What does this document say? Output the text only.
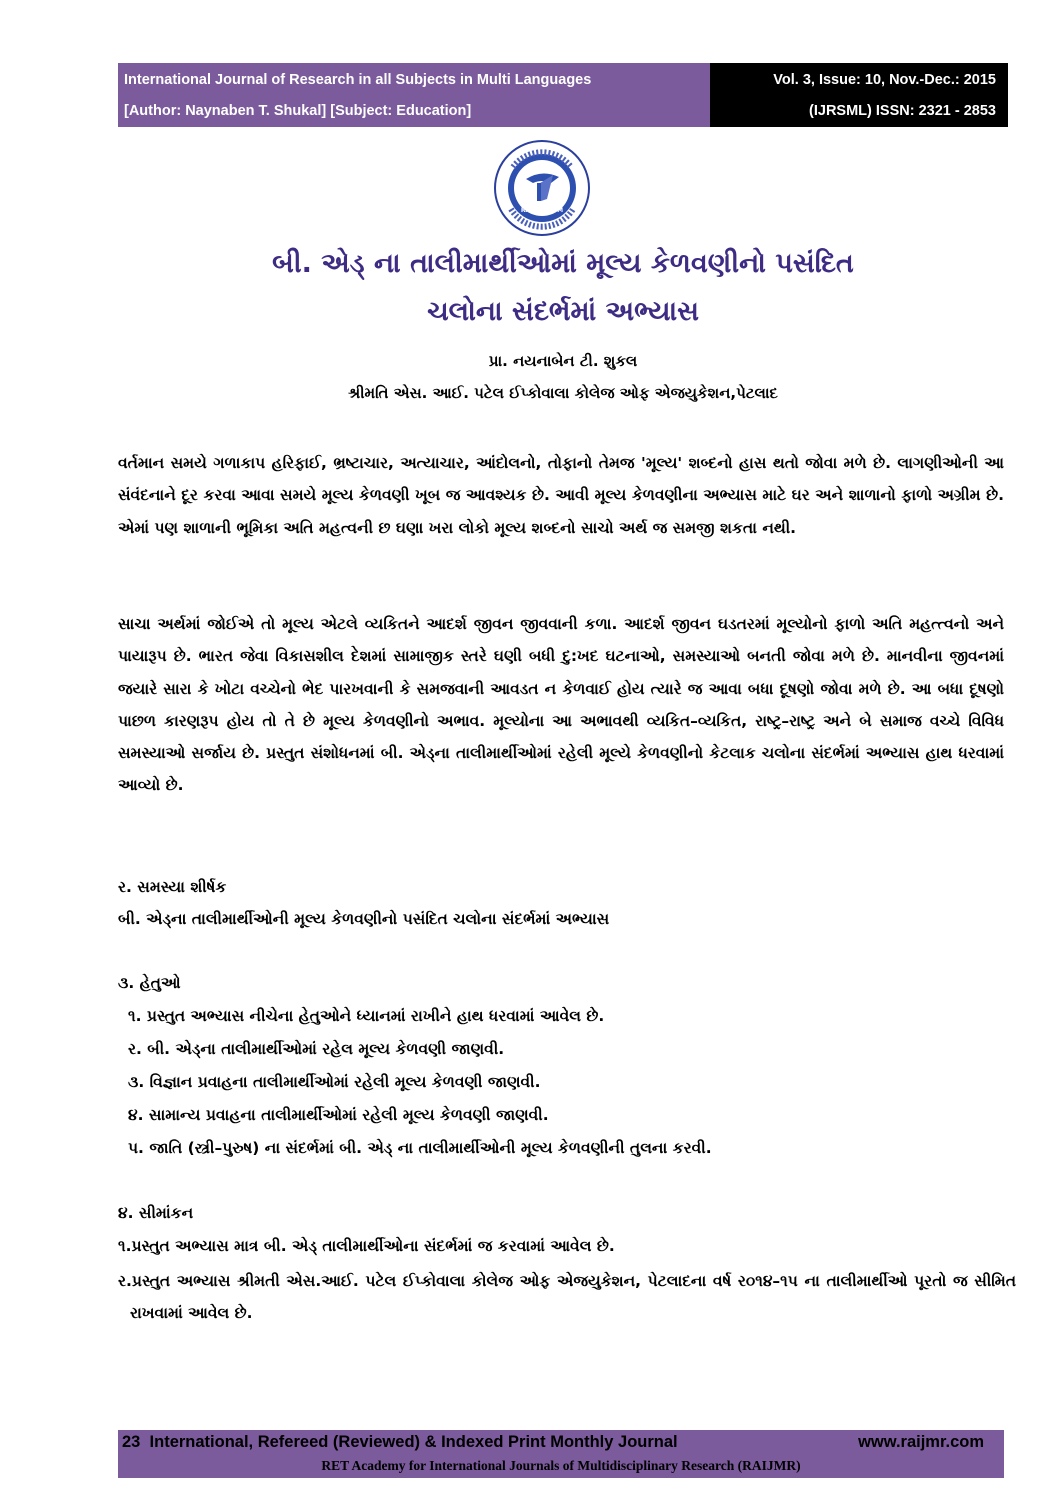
International Journal of Research in all Subjects in Multi Languages
[Author: Naynaben T. Shukal] [Subject: Education]
Vol. 3, Issue: 10, Nov.-Dec.: 2015
(IJRSML) ISSN: 2321 - 2853
RAIJMR.COM
બી. એડ્ ના તાલીમાર્થીઓમાં મૂલ્ય કેળવણીનો પસંદિત
ચલોના સંદર્ભમાં અભ્યાસ
પ્રા. નયનાબેન ટી. શુકલ
શ્રીમતિ એસ. આઈ. પટેલ ઈપ્કોવાલા કોલેજ ઓફ એજયુકેશન,પેટલાદ

વર્તમાન સમયે ગળાકાપ હરિફાઈ, ભ્રષ્ટાચાર, અત્યાચાર, આંદોલનો, તોફાનો તેમજ 'મૂલ્ય' શબ્દનો હાસ થતો જોવા મળે છે. લાગણીઓની આ સંવંદનાને દૂર કરવા આવા સમયે મૂલ્ય કેળવણી ખૂબ જ આવશ્યક છે. આવી મૂલ્ય કેળવણીના અભ્યાસ માટે ઘર અને શાળાનો ફાળો અગ્રીમ છે. એમાં પણ શાળાની ભૂમિકા અતિ મહત્વની છ ઘણા ખરા લોકો મૂલ્ય શબ્દનો સાચો અર્થ જ સમજી શકતા નથી.

સાચા અર્થમાં જોઈએ તો મૂલ્ય એટલે વ્યકિતને આદર્શ જીવન જીવવાની કળા. આદર્શ જીવન ઘડતરમાં મૂલ્યોનો ફાળો અતિ મહત્ત્વનો અને પાયારૂપ છે. ભારત જેવા વિકાસશીલ દેશમાં સામાજીક સ્તરે ઘણી બધી દુ:ખદ ઘટનાઓ, સમસ્યાઓ બનતી જોવા મળે છે. માનવીના જીવનમાં જયારે સારા કે ખોટા વચ્ચેનો ભેદ પારખવાની કે સમજવાની આવડત ન કેળવાઈ હોય ત્યારે જ આવા બધા દૂષણો જોવા મળે છે. આ બધા દૂષણો પાછળ કારણરૂપ હોય તો તે છે મૂલ્ય કેળવણીનો અભાવ. મૂલ્યોના આ અભાવથી વ્યકિત–વ્યકિત, રાષ્ટ્ર–રાષ્ટ્ર અને બે સમાજ વચ્ચે વિવિધ સમસ્યાઓ સર્જાય છે. પ્રસ્તુત સંશોધનમાં બી. એડ્ના તાલીમાર્થીઓમાં રહેલી મૂલ્યે કેળવણીનો કેટલાક ચલોના સંદર્ભમાં અભ્યાસ હાથ ધરવામાં આવ્યો છે.

ર. સમસ્યા શીર્ષક
બી. એડ્ના તાલીમાર્થીઓની મૂલ્ય કેળવણીનો પસંદિત ચલોના સંદર્ભમાં અભ્યાસ
૩. હેતુઓ
૧. પ્રસ્તુત અભ્યાસ નીચેના હેતુઓને ધ્યાનમાં રાખીને હાથ ધરવામાં આવેલ છે.
ર. બી. એડ્ના તાલીમાર્થીઓમાં રહેલ મૂલ્ય કેળવણી જાણવી.
૩. વિજ્ઞાન પ્રવાહના તાલીમાર્થીઓમાં રહેલી મૂલ્ય કેળવણી જાણવી.
૪. સામાન્ય પ્રવાહના તાલીમાર્થીઓમાં રહેલી મૂલ્ય કેળવણી જાણવી.
પ. જાતિ (સ્ત્રી–પુરુષ) ના સંદર્ભમાં બી. એડ્ ના તાલીમાર્થીઓની મૂલ્ય કેળવણીની તુલના કરવી.
૪. સીમાંકન
૧.પ્રસ્તુત અભ્યાસ માત્ર બી. એડ્ તાલીમાર્થીઓના સંદર્ભમાં જ કરવામાં આવેલ છે.

ર.પ્રસ્તુત અભ્યાસ શ્રીમતી એસ.આઈ. પટેલ ઈપ્કોવાલા કોલેજ ઓફ એજયુકેશન, પેટલાદના વર્ષ ર૦૧૪–૧પ ના તાલીમાર્થીઓ પૂરતો જ સીમિત રાખવામાં આવેલ છે.

23 International, Refereed (Reviewed) & Indexed Print Monthly Journal	www.raijmr.com
RET Academy for International Journals of Multidisciplinary Research (RAIJMR)
